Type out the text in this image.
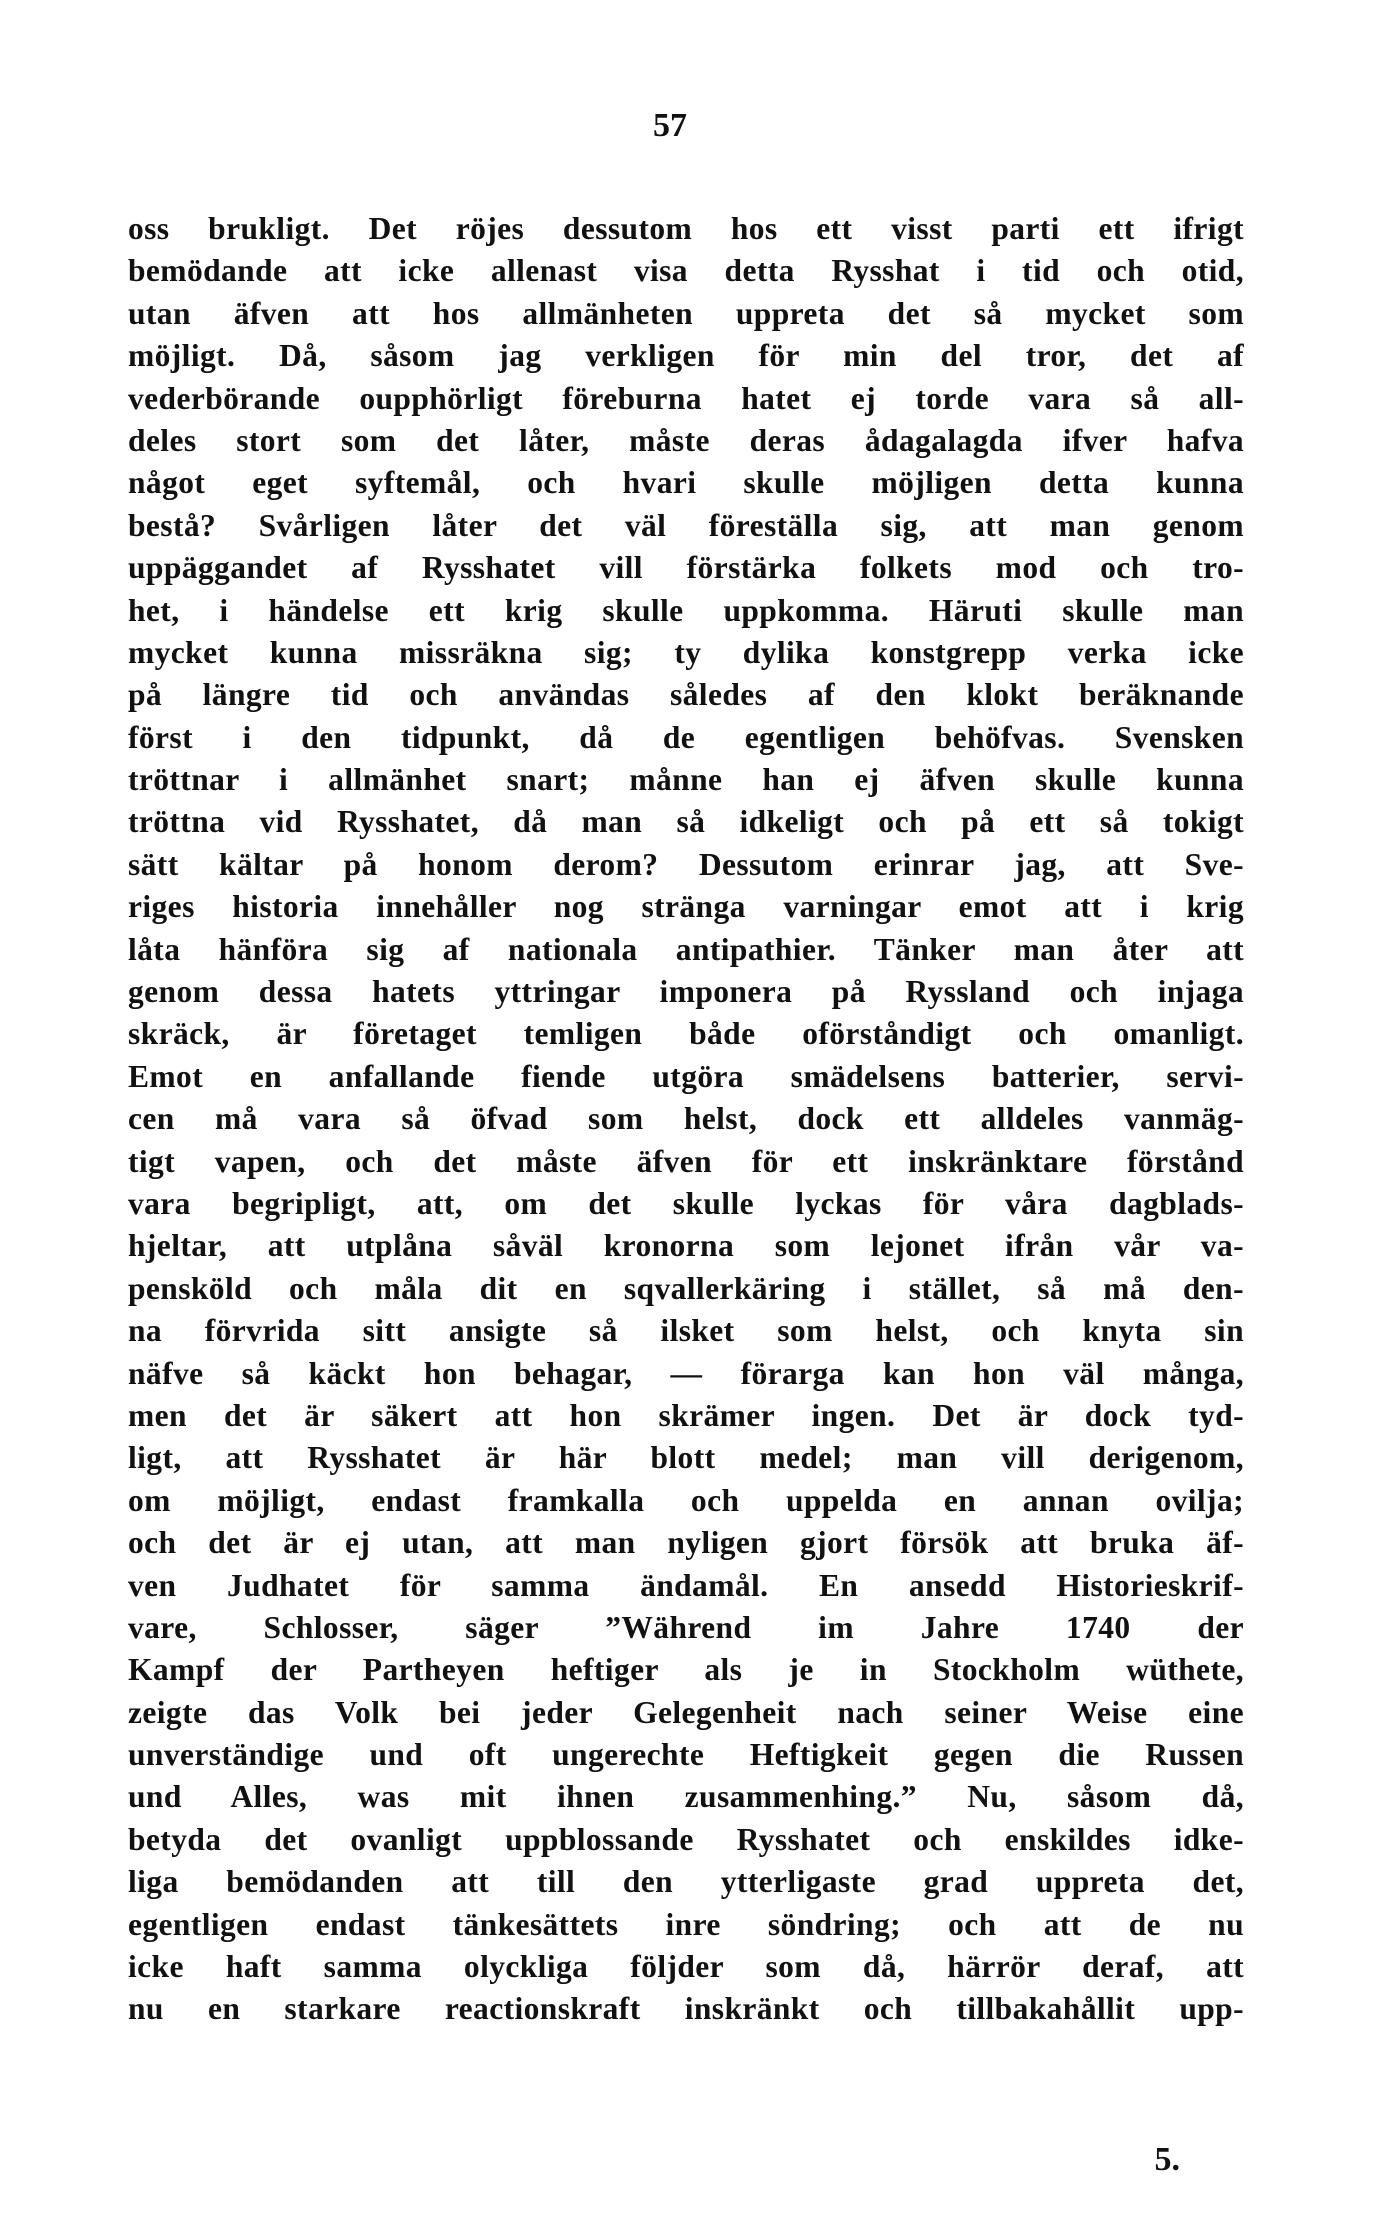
57
oss brukligt. Det röjes dessutom hos ett visst parti ett ifrigt
bemödande att icke allenast visa detta Rysshat i tid och otid,
utan äfven att hos allmänheten uppreta det så mycket som
möjligt. Då, såsom jag verkligen för min del tror, det af
vederbörande oupphörligt föreburna hatet ej torde vara så all-
deles stort som det låter, måste deras ådagalagda ifver hafva
något eget syftemål, och hvari skulle möjligen detta kunna
bestå? Svårligen låter det väl föreställa sig, att man genom
uppäggandet af Rysshatet vill förstärka folkets mod och tro-
het, i händelse ett krig skulle uppkomma. Häruti skulle man
mycket kunna missräkna sig; ty dylika konstgrepp verka icke
på längre tid och användas således af den klokt beräknande
först i den tidpunkt, då de egentligen behöfvas. Svensken
tröttnar i allmänhet snart; månne han ej äfven skulle kunna
tröttna vid Rysshatet, då man så idkeligt och på ett så tokigt
sätt kältar på honom derom? Dessutom erinrar jag, att Sve-
riges historia innehåller nog stränga varningar emot att i krig
låta hänföra sig af nationala antipathier. Tänker man åter att
genom dessa hatets yttringar imponera på Ryssland och injaga
skräck, är företaget temligen både oförståndigt och omanligt.
Emot en anfallande fiende utgöra smädelsens batterier, servi-
cen må vara så öfvad som helst, dock ett alldeles vanmäg-
tigt vapen, och det måste äfven för ett inskränktare förstånd
vara begripligt, att, om det skulle lyckas för våra dagblads-
hjeltar, att utplåna såväl kronorna som lejonet ifrån vår va-
pensköld och måla dit en sqvallerkäring i stället, så må den-
na förvrida sitt ansigte så ilsket som helst, och knyta sin
näfve så käckt hon behagar, — förarga kan hon väl många,
men det är säkert att hon skrämer ingen. Det är dock tyd-
ligt, att Rysshatet är här blott medel; man vill derigenom,
om möjligt, endast framkalla och uppelda en annan ovilja;
och det är ej utan, att man nyligen gjort försök att bruka äf-
ven Judhatet för samma ändamål. En ansedd Historieskrif-
vare, Schlosser, säger ”Während im Jahre 1740 der
Kampf der Partheyen heftiger als je in Stockholm wüthete,
zeigte das Volk bei jeder Gelegenheit nach seiner Weise eine
unverständige und oft ungerechte Heftigkeit gegen die Russen
und Alles, was mit ihnen zusammenhing.” Nu, såsom då,
betyda det ovanligt uppblossande Rysshatet och enskildes idke-
liga bemödanden att till den ytterligaste grad uppreta det,
egentligen endast tänkesättets inre söndring; och att de nu
icke haft samma olyckliga följder som då, härrör deraf, att
nu en starkare reactionskraft inskränkt och tillbakahållit upp-
5.
